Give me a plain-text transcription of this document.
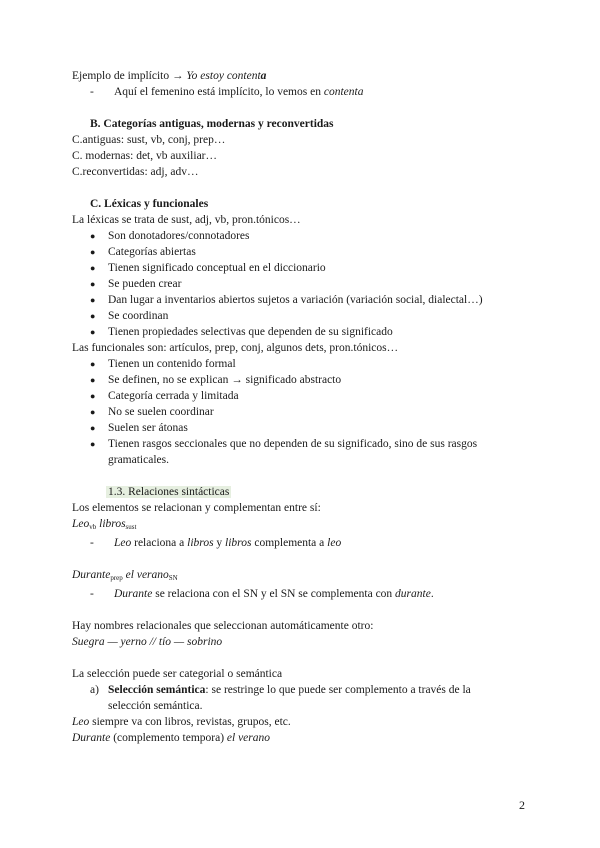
Ejemplo de implícito → Yo estoy contenta
- Aquí el femenino está implícito, lo vemos en contenta
B. Categorías antiguas, modernas y reconvertidas
C.antiguas: sust, vb, conj, prep…
C. modernas: det, vb auxiliar…
C.reconvertidas: adj, adv…
C. Léxicas y funcionales
La léxicas se trata de sust, adj, vb, pron.tónicos…
● Son donotadores/connotadores
● Categorías abiertas
● Tienen significado conceptual en el diccionario
● Se pueden crear
● Dan lugar a inventarios abiertos sujetos a variación (variación social, dialectal…)
● Se coordinan
● Tienen propiedades selectivas que dependen de su significado
Las funcionales son: artículos, prep, conj, algunos dets, pron.tónicos…
● Tienen un contenido formal
● Se definen, no se explican → significado abstracto
● Categoría cerrada y limitada
● No se suelen coordinar
● Suelen ser átonas
● Tienen rasgos seccionales que no dependen de su significado, sino de sus rasgos
gramaticales.
1.3. Relaciones sintácticas
Los elementos se relacionan y complementan entre sí:
Leo$_{vb}$ libros$_{sust}$
- Leo relaciona a libros y libros complementa a leo
Durante$_{prep}$ el verano$_{SN}$
- Durante se relaciona con el SN y el SN se complementa con durante.
Hay nombres relacionales que seleccionan automáticamente otro:
Suegra — yerno // tío — sobrino
La selección puede ser categorial o semántica
a) Selección semántica: se restringe lo que puede ser complemento a través de la
selección semántica.
Leo siempre va con libros, revistas, grupos, etc.
Durante (complemento tempora) el verano
2
